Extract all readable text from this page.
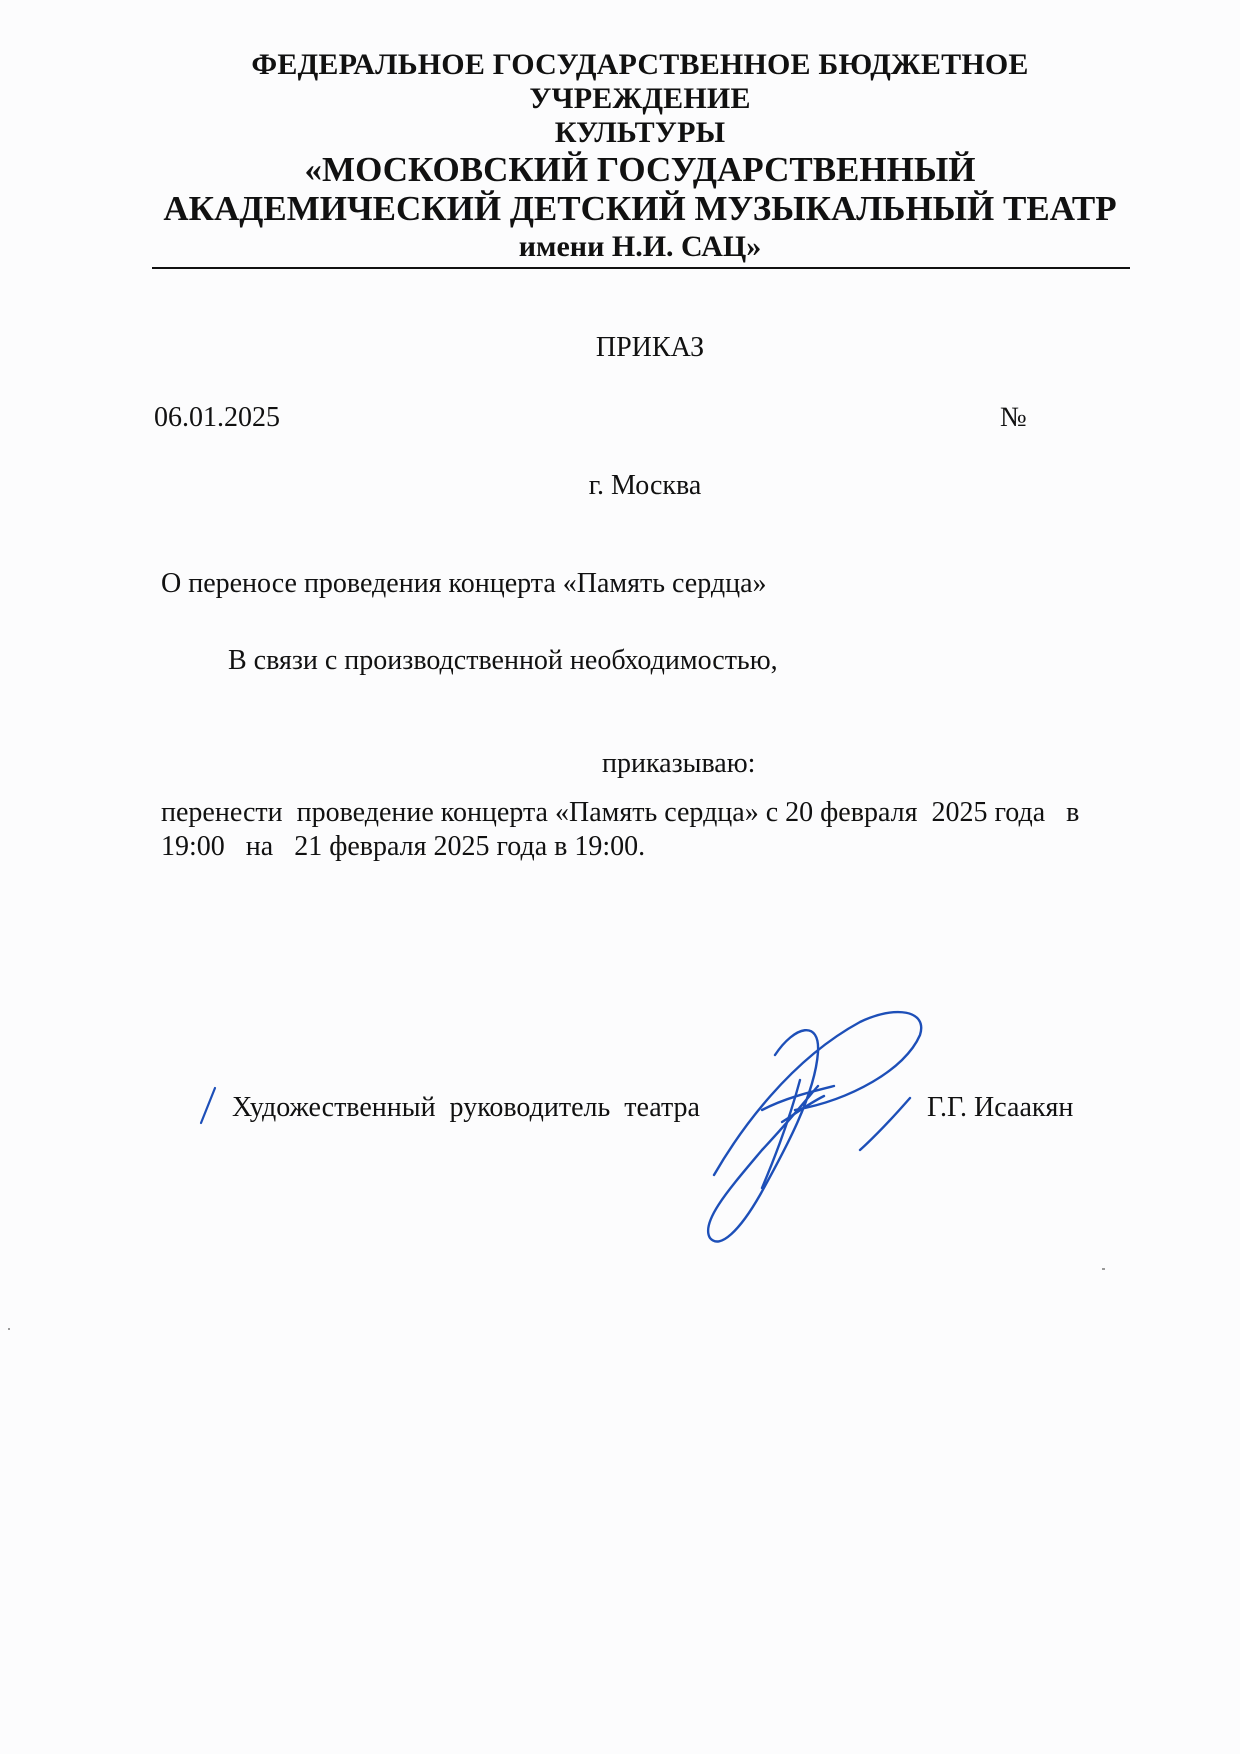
ФЕДЕРАЛЬНОЕ ГОСУДАРСТВЕННОЕ БЮДЖЕТНОЕ УЧРЕЖДЕНИЕ
КУЛЬТУРЫ
«МОСКОВСКИЙ ГОСУДАРСТВЕННЫЙ
АКАДЕМИЧЕСКИЙ ДЕТСКИЙ МУЗЫКАЛЬНЫЙ ТЕАТР
имени Н.И. САЦ»
ПРИКАЗ
06.01.2025	№
г. Москва
О переносе проведения концерта «Память сердца»
В связи с производственной необходимостью,
приказываю:
перенести  проведение концерта «Память сердца» с 20 февраля  2025 года   в
19:00   на   21 февраля 2025 года в 19:00.
Художественный  руководитель  театра	Г.Г. Исаакян
